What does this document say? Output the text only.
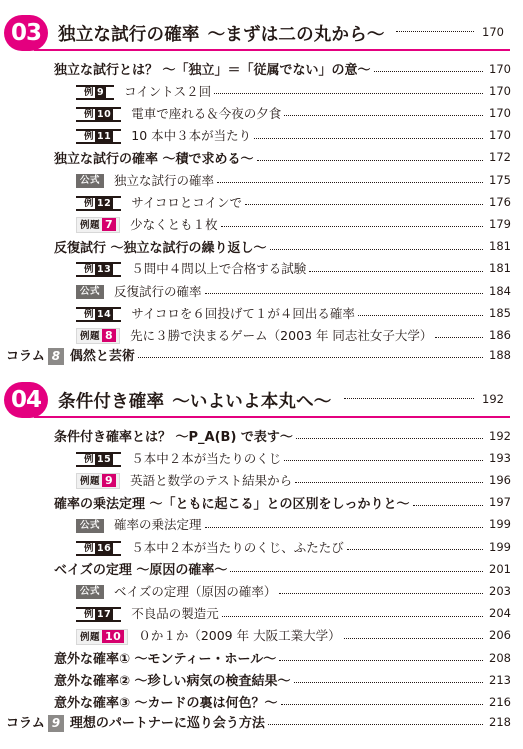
03 独立な試行の確率 ～まずは二の丸から～	170
独立な試行とは？ ～「独立」＝「従属でない」の意～	170
例 9 コイントス２回	170
例 10 電車で座れる＆今夜の夕食	170
例 11 10 本中３本が当たり	170
独立な試行の確率 ～積で求める～	172
公式 独立な試行の確率	175
例 12 サイコロとコインで	176
例題 7 少なくとも１枚	179
反復試行 ～独立な試行の繰り返し～	181
例 13 ５問中４問以上で合格する試験	181
公式 反復試行の確率	184
例 14 サイコロを６回投げて１が４回出る確率	185
例題 8 先に３勝で決まるゲーム（2003 年 同志社女子大学）	186
コラム 8 偶然と芸術	188
04 条件付き確率 ～いよいよ本丸へ～	192
条件付き確率とは？ ～P_A(B) で表す～	192
例 15 ５本中２本が当たりのくじ	193
例題 9 英語と数学のテスト結果から	196
確率の乗法定理 ～「ともに起こる」との区別をしっかりと～	197
公式 確率の乗法定理	199
例 16 ５本中２本が当たりのくじ、ふたたび	199
ベイズの定理 ～原因の確率～	201
公式 ベイズの定理（原因の確率）	203
例 17 不良品の製造元	204
例題 10 ０か１か（2009 年 大阪工業大学）	206
意外な確率① ～モンティー・ホール～	208
意外な確率② ～珍しい病気の検査結果～	213
意外な確率③ ～カードの裏は何色？～	216
コラム 9 理想のパートナーに巡り会う方法	218
